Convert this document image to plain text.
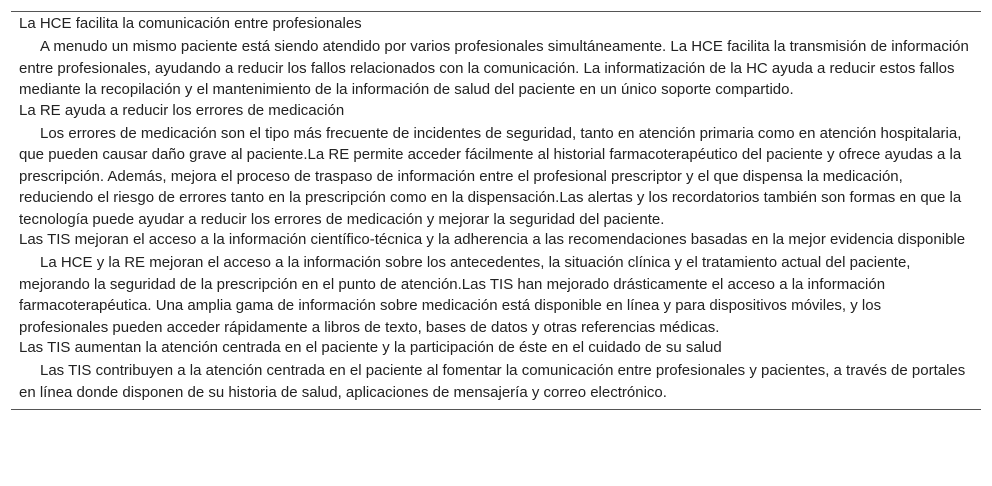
La HCE facilita la comunicación entre profesionales

A menudo un mismo paciente está siendo atendido por varios profesionales simultáneamente. La HCE facilita la transmisión de información entre profesionales, ayudando a reducir los fallos relacionados con la comunicación. La informatización de la HC ayuda a reducir estos fallos mediante la recopilación y el mantenimiento de la información de salud del paciente en un único soporte compartido.

La RE ayuda a reducir los errores de medicación

Los errores de medicación son el tipo más frecuente de incidentes de seguridad, tanto en atención primaria como en atención hospitalaria, que pueden causar daño grave al paciente.La RE permite acceder fácilmente al historial farmacoterapéutico del paciente y ofrece ayudas a la prescripción. Además, mejora el proceso de traspaso de información entre el profesional prescriptor y el que dispensa la medicación, reduciendo el riesgo de errores tanto en la prescripción como en la dispensación.Las alertas y los recordatorios también son formas en que la tecnología puede ayudar a reducir los errores de medicación y mejorar la seguridad del paciente.

Las TIS mejoran el acceso a la información científico-técnica y la adherencia a las recomendaciones basadas en la mejor evidencia disponible

La HCE y la RE mejoran el acceso a la información sobre los antecedentes, la situación clínica y el tratamiento actual del paciente, mejorando la seguridad de la prescripción en el punto de atención.Las TIS han mejorado drásticamente el acceso a la información farmacoterapéutica. Una amplia gama de información sobre medicación está disponible en línea y para dispositivos móviles, y los profesionales pueden acceder rápidamente a libros de texto, bases de datos y otras referencias médicas.

Las TIS aumentan la atención centrada en el paciente y la participación de éste en el cuidado de su salud

Las TIS contribuyen a la atención centrada en el paciente al fomentar la comunicación entre profesionales y pacientes, a través de portales en línea donde disponen de su historia de salud, aplicaciones de mensajería y correo electrónico.
